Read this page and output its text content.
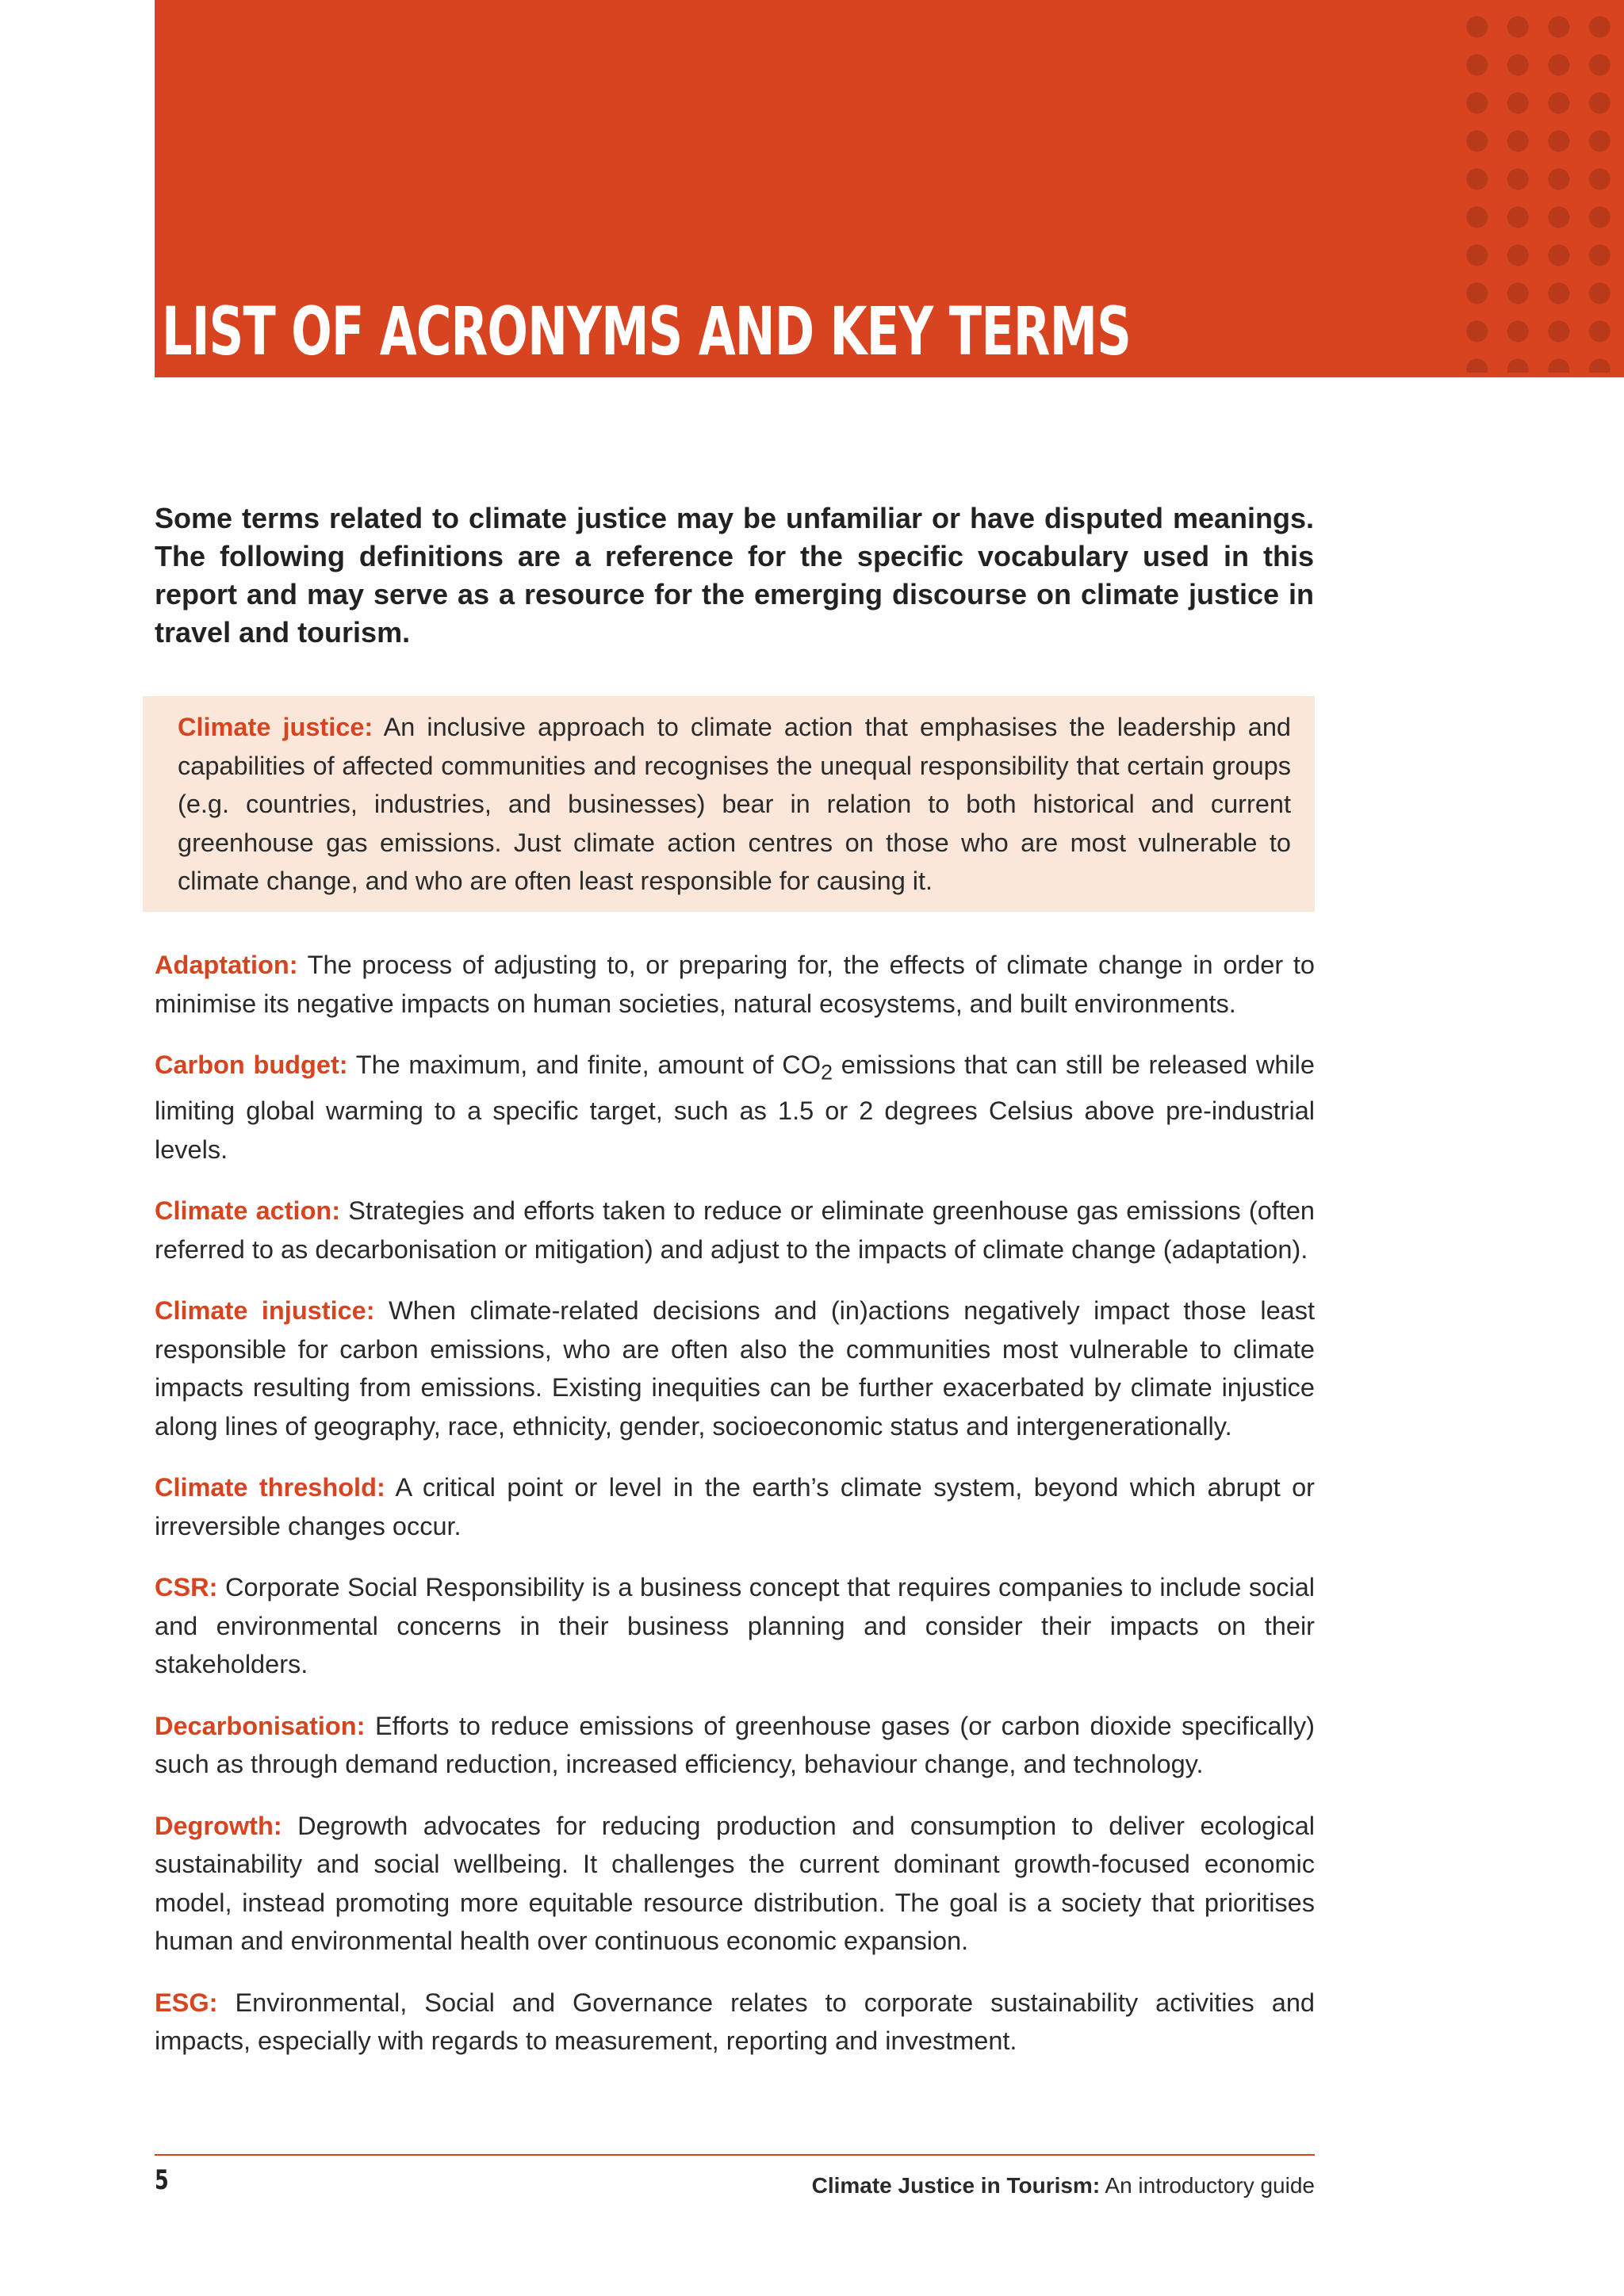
LIST OF ACRONYMS AND KEY TERMS

Some terms related to climate justice may be unfamiliar or have disputed meanings. The following definitions are a reference for the specific vocabulary used in this report and may serve as a resource for the emerging discourse on climate justice in travel and tourism.

Climate justice: An inclusive approach to climate action that emphasises the leadership and capabilities of affected communities and recognises the unequal responsibility that certain groups (e.g. countries, industries, and businesses) bear in relation to both historical and current greenhouse gas emissions. Just climate action centres on those who are most vulnerable to climate change, and who are often least responsible for causing it.

Adaptation: The process of adjusting to, or preparing for, the effects of climate change in order to minimise its negative impacts on human societies, natural ecosystems, and built environments.

Carbon budget: The maximum, and finite, amount of $CO_2$ emissions that can still be released while limiting global warming to a specific target, such as 1.5 or 2 degrees Celsius above pre-industrial levels.

Climate action: Strategies and efforts taken to reduce or eliminate greenhouse gas emissions (often referred to as decarbonisation or mitigation) and adjust to the impacts of climate change (adaptation).

Climate injustice: When climate-related decisions and (in)actions negatively impact those least responsible for carbon emissions, who are often also the communities most vulnerable to climate impacts resulting from emissions. Existing inequities can be further exacerbated by climate injustice along lines of geography, race, ethnicity, gender, socioeconomic status and intergenerationally.

Climate threshold: A critical point or level in the earth’s climate system, beyond which abrupt or irreversible changes occur.

CSR: Corporate Social Responsibility is a business concept that requires companies to include social and environmental concerns in their business planning and consider their impacts on their stakeholders.

Decarbonisation: Efforts to reduce emissions of greenhouse gases (or carbon dioxide specifically) such as through demand reduction, increased efficiency, behaviour change, and technology.

Degrowth: Degrowth advocates for reducing production and consumption to deliver ecological sustainability and social wellbeing. It challenges the current dominant growth-focused economic model, instead promoting more equitable resource distribution. The goal is a society that prioritises human and environmental health over continuous economic expansion.

ESG: Environmental, Social and Governance relates to corporate sustainability activities and impacts, especially with regards to measurement, reporting and investment.

5	Climate Justice in Tourism: An introductory guide
